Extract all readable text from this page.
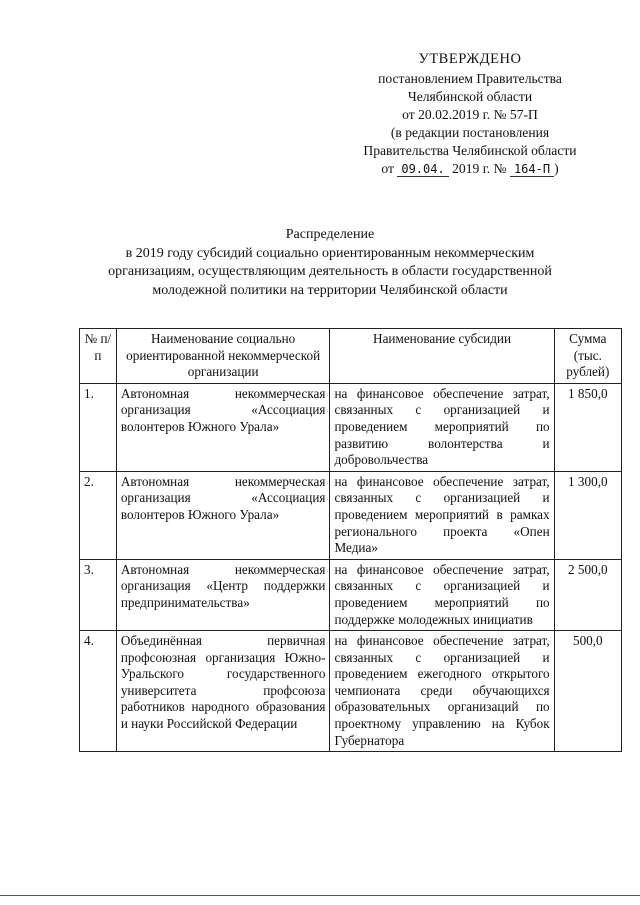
УТВЕРЖДЕНО
постановлением Правительства
Челябинской области
от 20.02.2019 г. № 57-П
(в редакции постановления
Правительства Челябинской области
от 09.04. 2019 г. № 164-П )
Распределение
в 2019 году субсидий социально ориентированным некоммерческим
организациям, осуществляющим деятельность в области государственной
молодежной политики на территории Челябинской области
№ п/п	Наименование социально ориентированной некоммерческой организации	Наименование субсидии	Сумма (тыс. рублей)
1.	Автономная некоммерческая организация «Ассоциация волонтеров Южного Урала»	на финансовое обеспечение затрат, связанных с организацией и проведением мероприятий по развитию волонтерства и добровольчества	1 850,0
2.	Автономная некоммерческая организация «Ассоциация волонтеров Южного Урала»	на финансовое обеспечение затрат, связанных с организацией и проведением мероприятий в рамках регионального проекта «Опен Медиа»	1 300,0
3.	Автономная некоммерческая организация «Центр поддержки предпринимательства»	на финансовое обеспечение затрат, связанных с организацией и проведением мероприятий по поддержке молодежных инициатив	2 500,0
4.	Объединённая первичная профсоюзная организация Южно-Уральского государственного университета профсоюза работников народного образования и науки Российской Федерации	на финансовое обеспечение затрат, связанных с организацией и проведением ежегодного открытого чемпионата среди обучающихся образовательных организаций по проектному управлению на Кубок Губернатора	500,0
